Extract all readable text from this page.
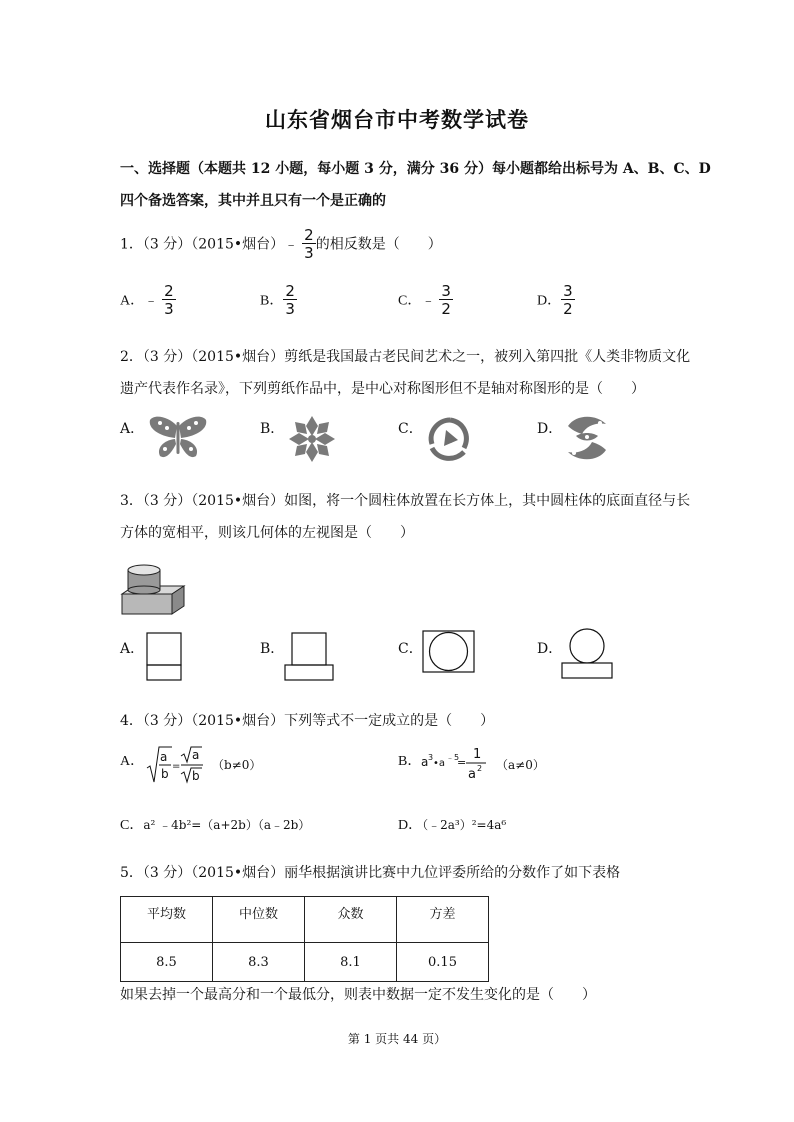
山东省烟台市中考数学试卷
一、选择题（本题共 12 小题，每小题 3 分，满分 36 分）每小题都给出标号为 A、B、C、D
四个备选答案，其中并且只有一个是正确的
1．（3 分）（2015•烟台）﹣ $\frac{2}{3}$ 的相反数是（　　）
A．﹣ $\frac{2}{3}$	B． $\frac{2}{3}$	C．﹣ $\frac{3}{2}$	D． $\frac{3}{2}$
2．（3 分）（2015•烟台）剪纸是我国最古老民间艺术之一，被列入第四批《人类非物质文化
遗产代表作名录》，下列剪纸作品中，是中心对称图形但不是轴对称图形的是（　　）
A．	B．	C．	D．
3．（3 分）（2015•烟台）如图，将一个圆柱体放置在长方体上，其中圆柱体的底面直径与长
方体的宽相平，则该几何体的左视图是（　　）
A．	B．	C．	D．
4．（3 分）（2015•烟台）下列等式不一定成立的是（　　）
A． a
b
=
a
b
（b≠0）	B． a 3
•a
﹣5
=
1
a 2 （a≠0）
C．a² ﹣4b²=（a+2b）（a﹣2b）	D．（﹣2a³）²=4a⁶
5．（3 分）（2015•烟台）丽华根据演讲比赛中九位评委所给的分数作了如下表格
平均数	中位数	众数	方差
8.5	8.3	8.1	0.15
如果去掉一个最高分和一个最低分，则表中数据一定不发生变化的是（　　）
第 1 页共 44 页）
